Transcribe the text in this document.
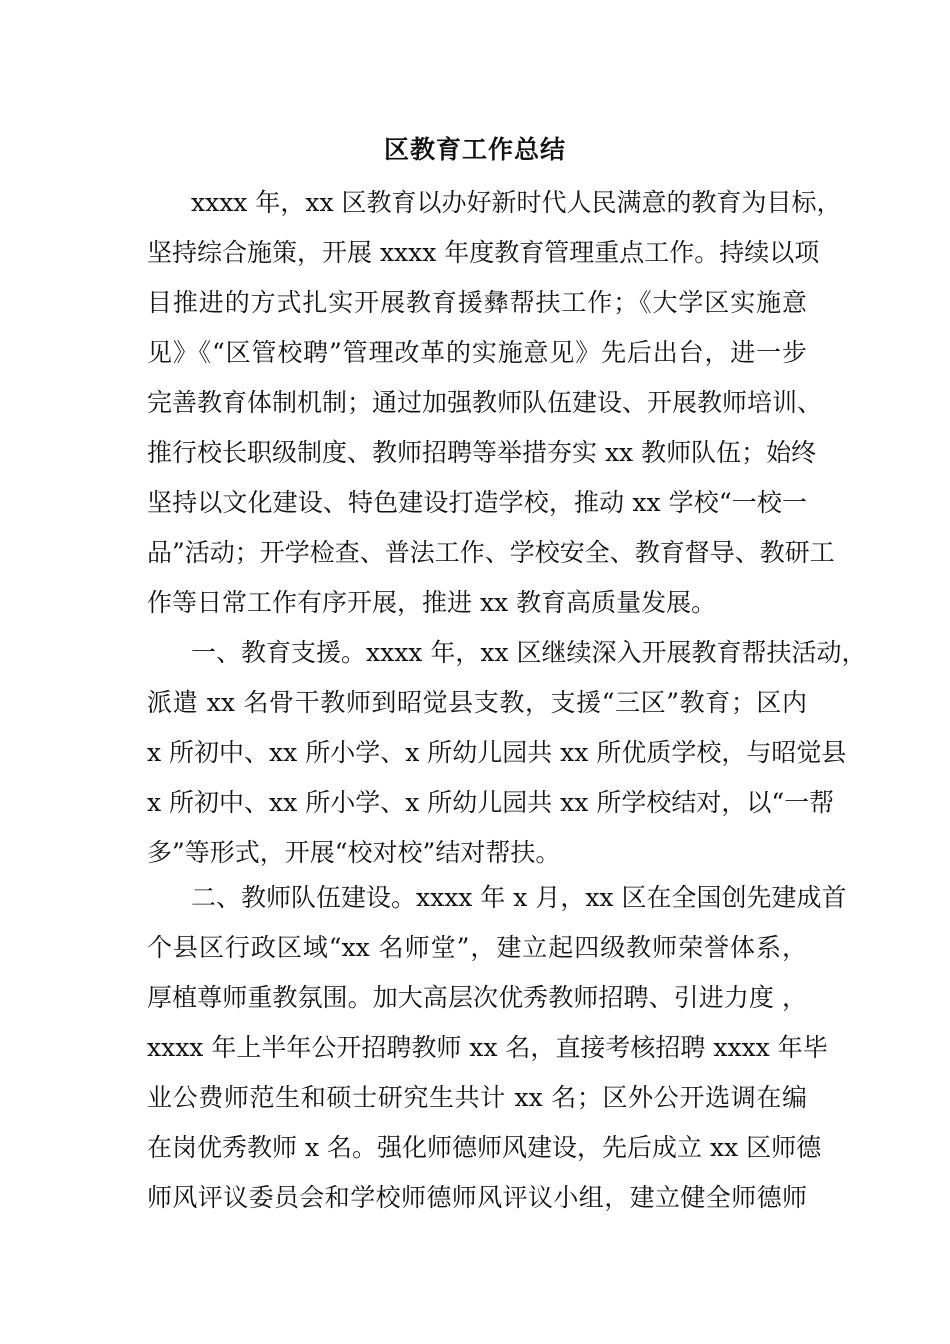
区教育工作总结
xxxx 年，xx 区教育以办好新时代人民满意的教育为目标，
坚持综合施策，开展 xxxx 年度教育管理重点工作。持续以项
目推进的方式扎实开展教育援彝帮扶工作；《大学区实施意
见》《“区管校聘”管理改革的实施意见》先后出台，进一步
完善教育体制机制；通过加强教师队伍建设、开展教师培训、
推行校长职级制度、教师招聘等举措夯实 xx 教师队伍；始终
坚持以文化建设、特色建设打造学校，推动 xx 学校“一校一
品”活动；开学检查、普法工作、学校安全、教育督导、教研工
作等日常工作有序开展，推进 xx 教育高质量发展。
一、教育支援。xxxx 年，xx 区继续深入开展教育帮扶活动，
派遣 xx 名骨干教师到昭觉县支教，支援“三区”教育；区内
x 所初中、xx 所小学、x 所幼儿园共 xx 所优质学校，与昭觉县
x 所初中、xx 所小学、x 所幼儿园共 xx 所学校结对，以“一帮
多”等形式，开展“校对校”结对帮扶。
二、教师队伍建设。xxxx 年 x 月，xx 区在全国创先建成首
个县区行政区域“xx 名师堂”，建立起四级教师荣誉体系，
厚植尊师重教氛围。加大高层次优秀教师招聘、引进力度 ，
xxxx 年上半年公开招聘教师 xx 名，直接考核招聘 xxxx 年毕
业公费师范生和硕士研究生共计 xx 名；区外公开选调在编
在岗优秀教师 x 名。强化师德师风建设，先后成立 xx 区师德
师风评议委员会和学校师德师风评议小组，建立健全师德师
